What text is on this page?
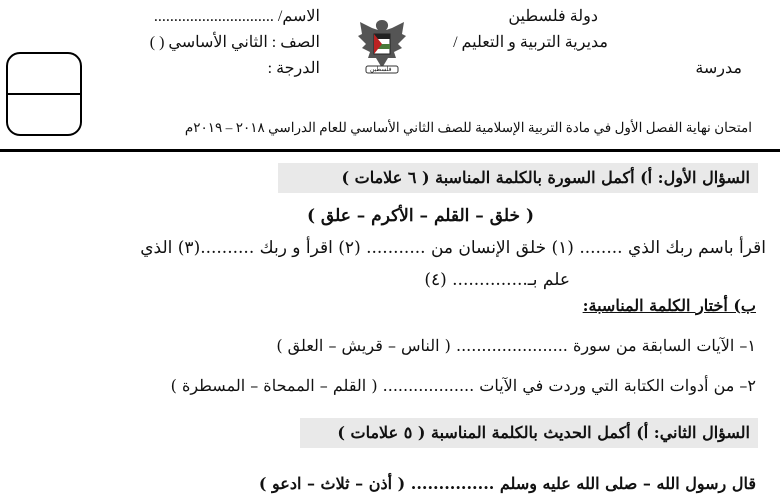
دولة فلسطين
مديرية التربية و التعليم /
مدرسة
فلسطين
الاسم/ ..............................
الصف : الثاني الأساسي ( )
الدرجة :
امتحان نهاية الفصل الأول في مادة التربية الإسلامية للصف الثاني الأساسي للعام الدراسي ٢٠١٨ – ٢٠١٩م
السؤال الأول: أ) أكمل السورة بالكلمة المناسبة ( ٦ علامات )
( خلق – القلم – الأكرم – علق )
اقرأ باسم ربك الذي ........ (١) خلق الإنسان من ........... (٢) اقرأ و ربك ..........(٣) الذي
علم بـ.............. (٤)
ب) أختار الكلمة المناسبة:
١– الآيات السابقة من سورة ...................... ( الناس – قريش – العلق )
٢– من أدوات الكتابة التي وردت في الآيات .................. ( القلم – الممحاة – المسطرة )
السؤال الثاني: أ) أكمل الحديث بالكلمة المناسبة ( ٥ علامات )
قال رسول الله – صلى الله عليه وسلم ............... ( أذن – ثلاث – ادعو )
